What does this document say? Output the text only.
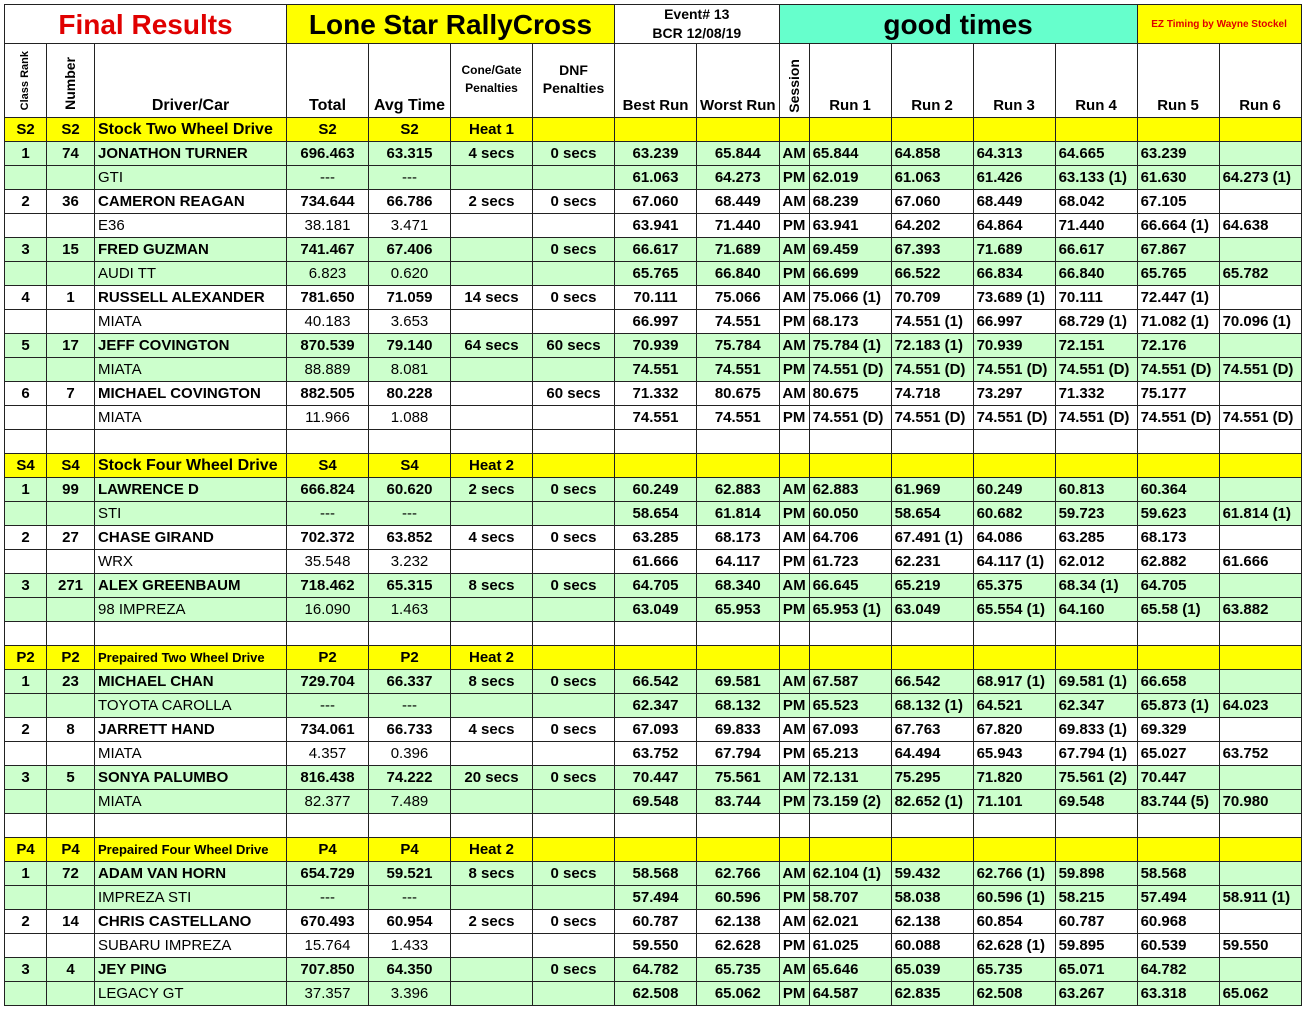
Final Results			Lone Star RallyCross				Event# 13
BCR 12/08/19		good times					EZ Timing by Wayne Stockel	
Class Rank	Number	Driver/Car	Total	Avg Time	Cone/Gate Penalties	DNF Penalties	Best Run	Worst Run	Session	Run 1	Run 2	Run 3	Run 4	Run 5	Run 6
S2	S2	Stock Two Wheel Drive	S2	S2	Heat 1										
1	74	JONATHON TURNER	696.463	63.315	4 secs	0 secs	63.239	65.844	AM	65.844	64.858	64.313	64.665	63.239	
		GTI	---	---			61.063	64.273	PM	62.019	61.063	61.426	63.133 (1)	61.630	64.273 (1)
2	36	CAMERON REAGAN	734.644	66.786	2 secs	0 secs	67.060	68.449	AM	68.239	67.060	68.449	68.042	67.105	
		E36	38.181	3.471			63.941	71.440	PM	63.941	64.202	64.864	71.440	66.664 (1)	64.638
3	15	FRED GUZMAN	741.467	67.406		0 secs	66.617	71.689	AM	69.459	67.393	71.689	66.617	67.867	
		AUDI TT	6.823	0.620			65.765	66.840	PM	66.699	66.522	66.834	66.840	65.765	65.782
4	1	RUSSELL ALEXANDER	781.650	71.059	14 secs	0 secs	70.111	75.066	AM	75.066 (1)	70.709	73.689 (1)	70.111	72.447 (1)	
		MIATA	40.183	3.653			66.997	74.551	PM	68.173	74.551 (1)	66.997	68.729 (1)	71.082 (1)	70.096 (1)
5	17	JEFF COVINGTON	870.539	79.140	64 secs	60 secs	70.939	75.784	AM	75.784 (1)	72.183 (1)	70.939	72.151	72.176	
		MIATA	88.889	8.081			74.551	74.551	PM	74.551 (D)	74.551 (D)	74.551 (D)	74.551 (D)	74.551 (D)	74.551 (D)
6	7	MICHAEL COVINGTON	882.505	80.228		60 secs	71.332	80.675	AM	80.675	74.718	73.297	71.332	75.177	
		MIATA	11.966	1.088			74.551	74.551	PM	74.551 (D)	74.551 (D)	74.551 (D)	74.551 (D)	74.551 (D)	74.551 (D)

S4	S4	Stock Four Wheel Drive	S4	S4	Heat 2										
1	99	LAWRENCE D	666.824	60.620	2 secs	0 secs	60.249	62.883	AM	62.883	61.969	60.249	60.813	60.364	
		STI	---	---			58.654	61.814	PM	60.050	58.654	60.682	59.723	59.623	61.814 (1)
2	27	CHASE GIRAND	702.372	63.852	4 secs	0 secs	63.285	68.173	AM	64.706	67.491 (1)	64.086	63.285	68.173	
		WRX	35.548	3.232			61.666	64.117	PM	61.723	62.231	64.117 (1)	62.012	62.882	61.666
3	271	ALEX GREENBAUM	718.462	65.315	8 secs	0 secs	64.705	68.340	AM	66.645	65.219	65.375	68.34 (1)	64.705	
		98 IMPREZA	16.090	1.463			63.049	65.953	PM	65.953 (1)	63.049	65.554 (1)	64.160	65.58 (1)	63.882

P2	P2	Prepaired Two Wheel Drive	P2	P2	Heat 2										
1	23	MICHAEL CHAN	729.704	66.337	8 secs	0 secs	66.542	69.581	AM	67.587	66.542	68.917 (1)	69.581 (1)	66.658	
		TOYOTA CAROLLA	---	---			62.347	68.132	PM	65.523	68.132 (1)	64.521	62.347	65.873 (1)	64.023
2	8	JARRETT HAND	734.061	66.733	4 secs	0 secs	67.093	69.833	AM	67.093	67.763	67.820	69.833 (1)	69.329	
		MIATA	4.357	0.396			63.752	67.794	PM	65.213	64.494	65.943	67.794 (1)	65.027	63.752
3	5	SONYA PALUMBO	816.438	74.222	20 secs	0 secs	70.447	75.561	AM	72.131	75.295	71.820	75.561 (2)	70.447	
		MIATA	82.377	7.489			69.548	83.744	PM	73.159 (2)	82.652 (1)	71.101	69.548	83.744 (5)	70.980

P4	P4	Prepaired Four Wheel Drive	P4	P4	Heat 2										
1	72	ADAM VAN HORN	654.729	59.521	8 secs	0 secs	58.568	62.766	AM	62.104 (1)	59.432	62.766 (1)	59.898	58.568	
		IMPREZA STI	---	---			57.494	60.596	PM	58.707	58.038	60.596 (1)	58.215	57.494	58.911 (1)
2	14	CHRIS CASTELLANO	670.493	60.954	2 secs	0 secs	60.787	62.138	AM	62.021	62.138	60.854	60.787	60.968	
		SUBARU IMPREZA	15.764	1.433			59.550	62.628	PM	61.025	60.088	62.628 (1)	59.895	60.539	59.550
3	4	JEY PING	707.850	64.350		0 secs	64.782	65.735	AM	65.646	65.039	65.735	65.071	64.782	
		LEGACY GT	37.357	3.396			62.508	65.062	PM	64.587	62.835	62.508	63.267	63.318	65.062
